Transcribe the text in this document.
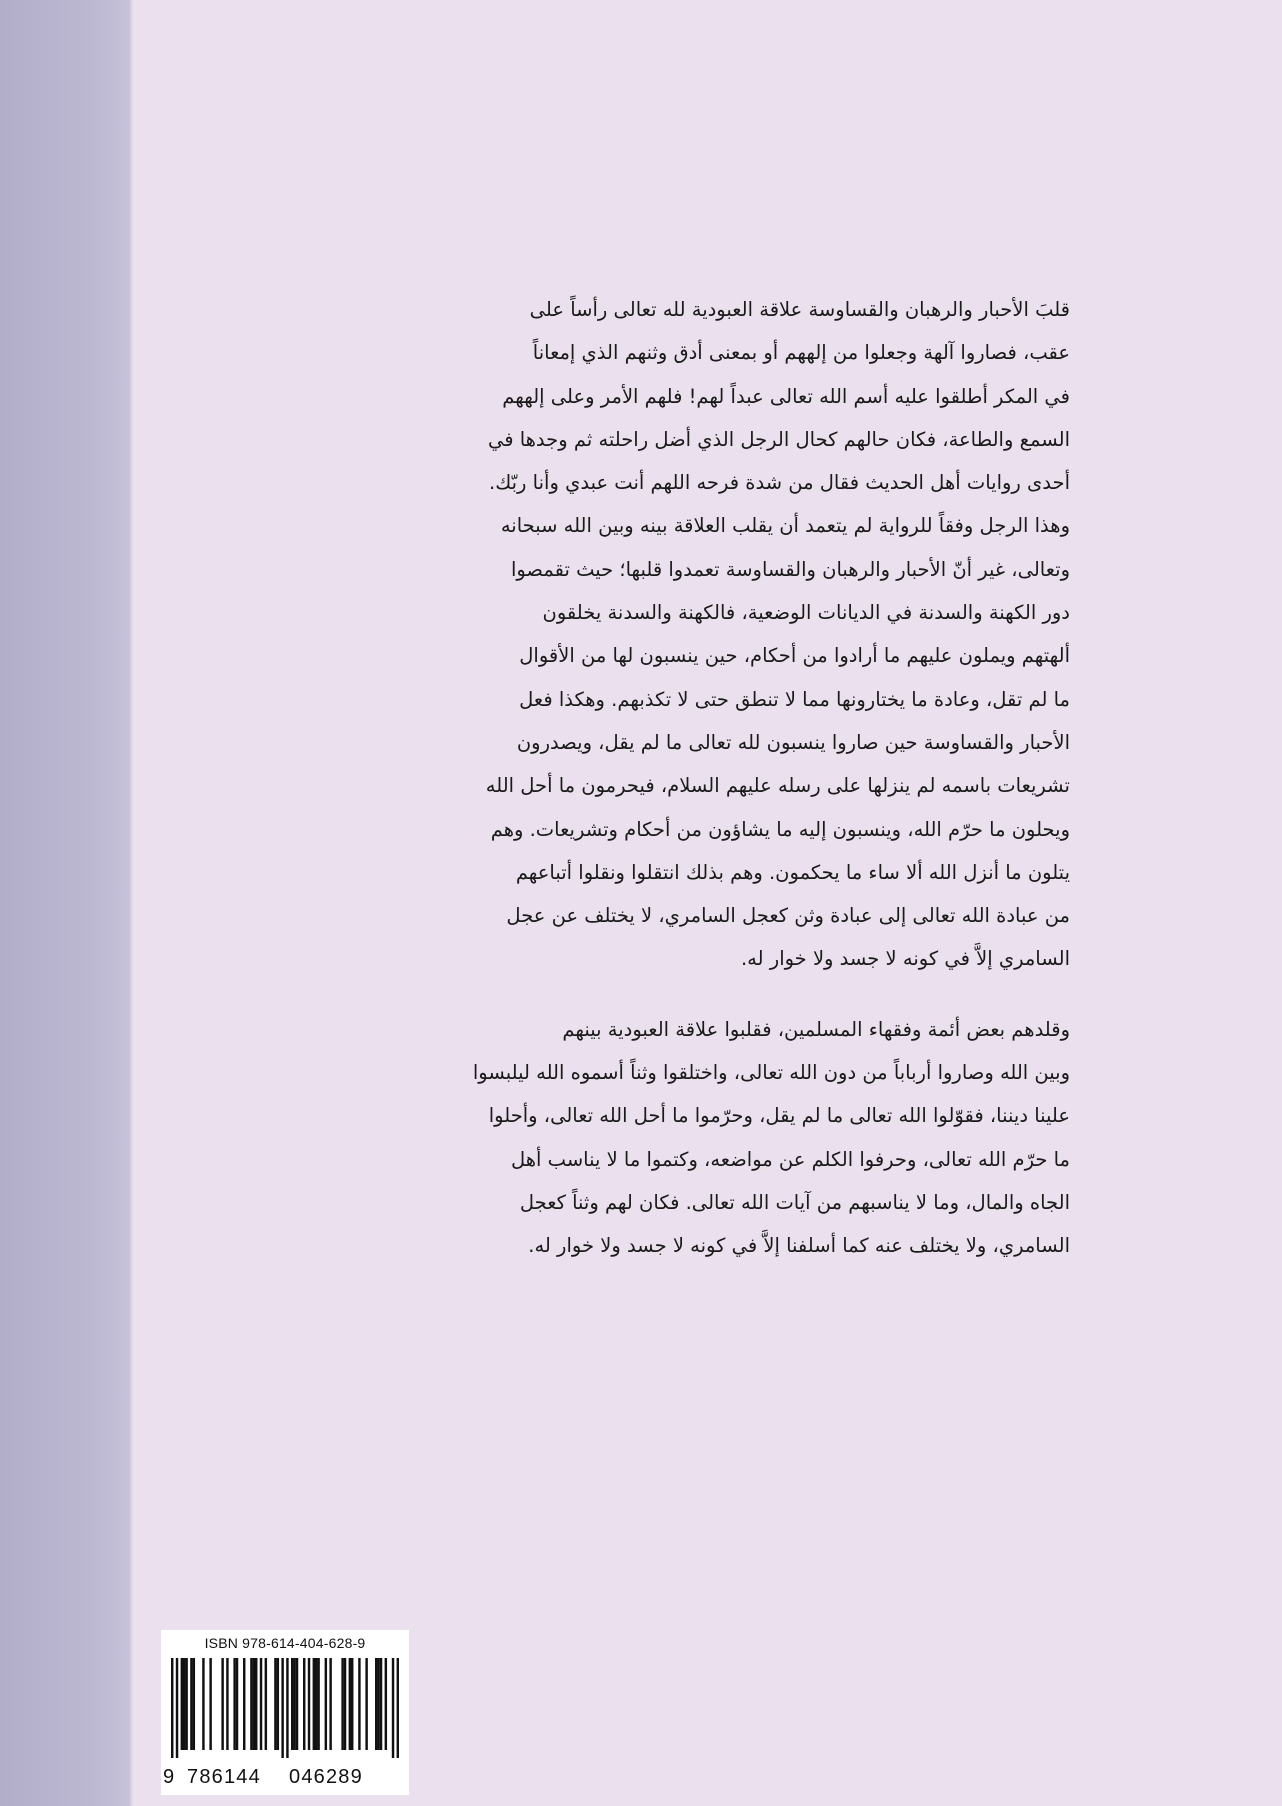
قلبَ الأحبار والرهبان والقساوسة علاقة العبودية لله تعالى رأساً على
عقب، فصاروا آلهة وجعلوا من إلههم أو بمعنى أدق وثنهم الذي إمعاناً
في المكر أطلقوا عليه أسم الله تعالى عبداً لهم! فلهم الأمر وعلى إلههم
السمع والطاعة، فكان حالهم كحال الرجل الذي أضل راحلته ثم وجدها في
أحدى روايات أهل الحديث فقال من شدة فرحه اللهم أنت عبدي وأنا ربّك.
وهذا الرجل وفقاً للرواية لم يتعمد أن يقلب العلاقة بينه وبين الله سبحانه
وتعالى، غير أنّ الأحبار والرهبان والقساوسة تعمدوا قلبها؛ حيث تقمصوا
دور الكهنة والسدنة في الديانات الوضعية، فالكهنة والسدنة يخلقون
ألهتهم ويملون عليهم ما أرادوا من أحكام، حين ينسبون لها من الأقوال
ما لم تقل، وعادة ما يختارونها مما لا تنطق حتى لا تكذبهم. وهكذا فعل
الأحبار والقساوسة حين صاروا ينسبون لله تعالى ما لم يقل، ويصدرون
تشريعات باسمه لم ينزلها على رسله عليهم السلام، فيحرمون ما أحل الله
ويحلون ما حرّم الله، وينسبون إليه ما يشاؤون من أحكام وتشريعات. وهم
يتلون ما أنزل الله ألا ساء ما يحكمون. وهم بذلك انتقلوا ونقلوا أتباعهم
من عبادة الله تعالى إلى عبادة وثن كعجل السامري، لا يختلف عن عجل
السامري إلاَّ في كونه لا جسد ولا خوار له.

وقلدهم بعض أئمة وفقهاء المسلمين، فقلبوا علاقة العبودية بينهم
وبين الله وصاروا أرباباً من دون الله تعالى، واختلقوا وثناً أسموه الله ليلبسوا
علينا ديننا، فقوّلوا الله تعالى ما لم يقل، وحرّموا ما أحل الله تعالى، وأحلوا
ما حرّم الله تعالى، وحرفوا الكلم عن مواضعه، وكتموا ما لا يناسب أهل
الجاه والمال، وما لا يناسبهم من آيات الله تعالى. فكان لهم وثناً كعجل
السامري، ولا يختلف عنه كما أسلفنا إلاَّ في كونه لا جسد ولا خوار له.

ISBN 978-614-404-628-9
9 786144 046289
